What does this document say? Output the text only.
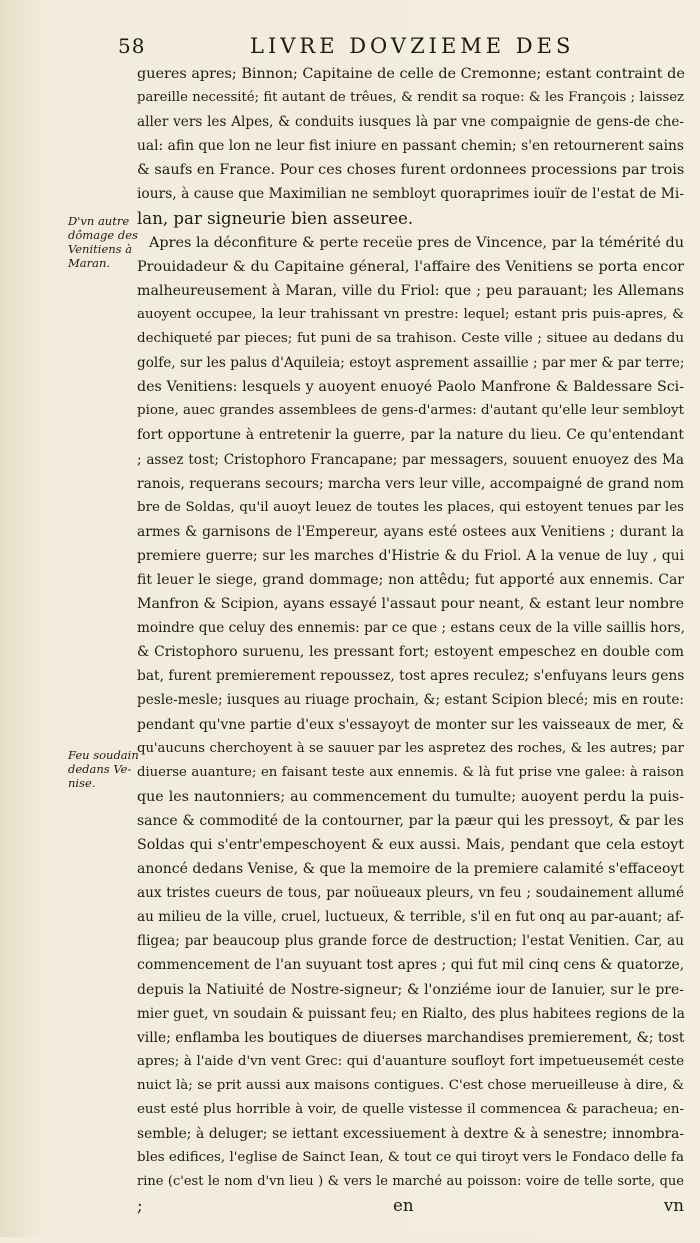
58	LIVRE DOVZIEME DES
D'vn autre
dômage des
Venitiens à
Maran.
Feu soudain
dedans Ve-
nise.
gueres apres; Binnon; Capitaine de celle de Cremonne; estant contraint de
pareille necessité; fit autant de trêues, & rendit sa roque: & les François ; laissez
aller vers les Alpes, & conduits iusques là par vne compaignie de gens-de che-
ual: afin que lon ne leur fist iniure en passant chemin; s'en retournerent sains
& saufs en France. Pour ces choses furent ordonnees processions par trois
iours, à cause que Maximilian ne sembloyt quoraprimes iouïr de l'estat de Mi-
lan, par signeurie bien asseuree.
Apres la déconfiture & perte receüe pres de Vincence, par la témérité du
Prouidadeur & du Capitaine géneral, l'affaire des Venitiens se porta encor
malheureusement à Maran, ville du Friol: que ; peu parauant; les Allemans
auoyent occupee, la leur trahissant vn prestre: lequel; estant pris puis-apres, &
dechiqueté par pieces; fut puni de sa trahison. Ceste ville ; situee au dedans du
golfe, sur les palus d'Aquileia; estoyt asprement assaillie ; par mer & par terre;
des Venitiens: lesquels y auoyent enuoyé Paolo Manfrone & Baldessare Sci-
pione, auec grandes assemblees de gens-d'armes: d'autant qu'elle leur sembloyt
fort opportune à entretenir la guerre, par la nature du lieu. Ce qu'entendant
; assez tost; Cristophoro Francapane; par messagers, souuent enuoyez des Ma
ranois, requerans secours; marcha vers leur ville, accompaigné de grand nom
bre de Soldas, qu'il auoyt leuez de toutes les places, qui estoyent tenues par les
armes & garnisons de l'Empereur, ayans esté ostees aux Venitiens ; durant la
premiere guerre; sur les marches d'Histrie & du Friol. A la venue de luy , qui
fit leuer le siege, grand dommage; non attêdu; fut apporté aux ennemis. Car
Manfron & Scipion, ayans essayé l'assaut pour neant, & estant leur nombre
moindre que celuy des ennemis: par ce que ; estans ceux de la ville saillis hors,
& Cristophoro suruenu, les pressant fort; estoyent empeschez en double com
bat, furent premierement repoussez, tost apres reculez; s'enfuyans leurs gens
pesle-mesle; iusques au riuage prochain, &; estant Scipion blecé; mis en route:
pendant qu'vne partie d'eux s'essayoyt de monter sur les vaisseaux de mer, &
qu'aucuns cherchoyent à se sauuer par les aspretez des roches, & les autres; par
diuerse auanture; en faisant teste aux ennemis. & là fut prise vne galee: à raison
que les nautonniers; au commencement du tumulte; auoyent perdu la puis-
sance & commodité de la contourner, par la pæur qui les pressoyt, & par les
Soldas qui s'entr'empeschoyent & eux aussi. Mais, pendant que cela estoyt
anoncé dedans Venise, & que la memoire de la premiere calamité s'effaceoyt
aux tristes cueurs de tous, par noüueaux pleurs, vn feu ; soudainement allumé
au milieu de la ville, cruel, luctueux, & terrible, s'il en fut onq au par-auant; af-
fligea; par beaucoup plus grande force de destruction; l'estat Venitien. Car, au
commencement de l'an suyuant tost apres ; qui fut mil cinq cens & quatorze,
depuis la Natiuité de Nostre-signeur; & l'onziéme iour de Ianuier, sur le pre-
mier guet, vn soudain & puissant feu; en Rialto, des plus habitees regions de la
ville; enflamba les boutiques de diuerses marchandises premierement, &; tost
apres; à l'aide d'vn vent Grec: qui d'auanture soufloyt fort impetueusemét ceste
nuict là; se prit aussi aux maisons contigues. C'est chose merueilleuse à dire, &
eust esté plus horrible à voir, de quelle vistesse il commencea & paracheua; en-
semble; à deluger; se iettant excessiuement à dextre & à senestre; innombra-
bles edifices, l'eglise de Sainct Iean, & tout ce qui tiroyt vers le Fondaco delle fa
rine (c'est le nom d'vn lieu ) & vers le marché au poisson: voire de telle sorte, que
; en vn
